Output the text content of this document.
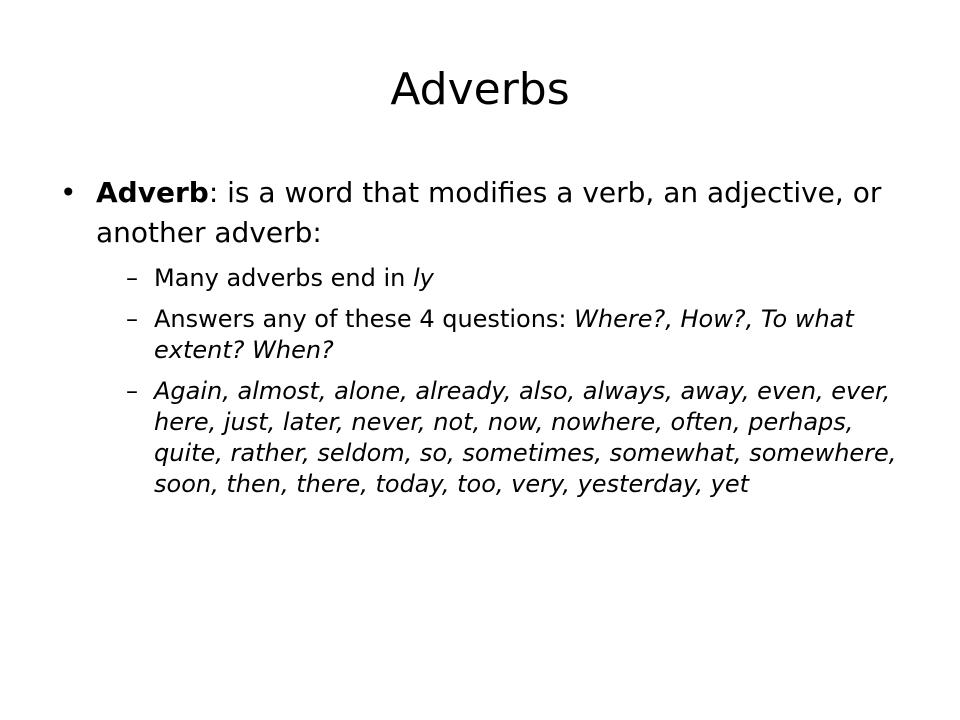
Adverbs
• Adverb: is a word that modifies a verb, an adjective, or another adverb:
– Many adverbs end in ly
– Answers any of these 4 questions: Where?, How?, To what extent? When?
– Again, almost, alone, already, also, always, away, even, ever, here, just, later, never, not, now, nowhere, often, perhaps, quite, rather, seldom, so, sometimes, somewhat, somewhere, soon, then, there, today, too, very, yesterday, yet
